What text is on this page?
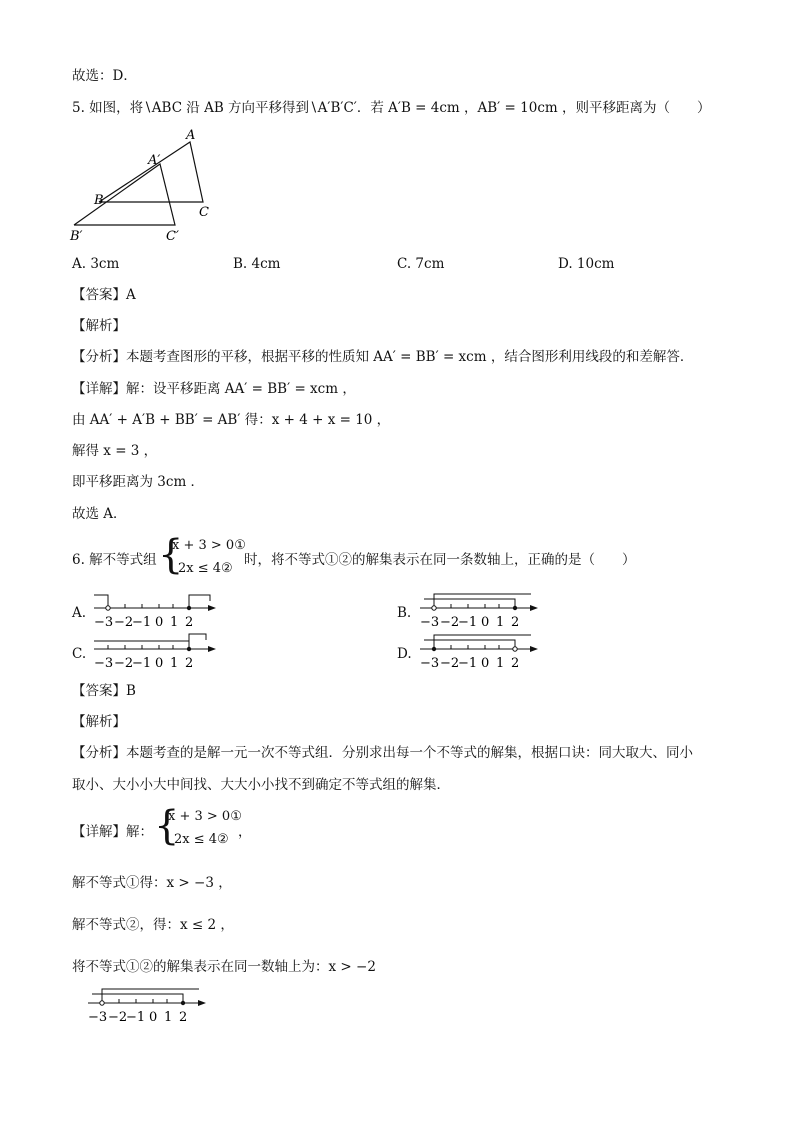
故选：D．
5. 如图，将∖ABC 沿 AB 方向平移得到∖A′B′C′．若 A′B = 4cm ，AB′ = 10cm ，则平移距离为（　　）
A
A′
B
C
B′	C′
A. 3cm	B. 4cm	C. 7cm	D. 10cm
【答案】A
【解析】
【分析】本题考查图形的平移，根据平移的性质知 AA′ = BB′ = xcm ，结合图形利用线段的和差解答．
【详解】解：设平移距离 AA′ = BB′ = xcm ，
由 AA′ + A′B + BB′ = AB′ 得：x + 4 + x = 10 ，
解得 x = 3 ，
即平移距离为 3cm ．
故选 A．
6. 解不等式组 {
x + 3 > 0①
2x ≤ 4②
时，将不等式①②的解集表示在同一条数轴上，正确的是（　　）
A.
−3 −2
−1 0 1 2
B.
−3 −2
−1 0 1 2
C.
−3 −2
−1 0 1 2
D.
−3 −2
−1 0 1 2
【答案】B
【解析】
【分析】本题考查的是解一元一次不等式组．分别求出每一个不等式的解集，根据口诀：同大取大、同小
取小、大小小大中间找、大大小小找不到确定不等式组的解集．
【详解】解： {
x + 3 > 0①
2x ≤ 4② ，
解不等式①得：x > −3 ，
解不等式②，得：x ≤ 2 ，
将不等式①②的解集表示在同一数轴上为：x > −2
−3 −2
−1 0 1 2
